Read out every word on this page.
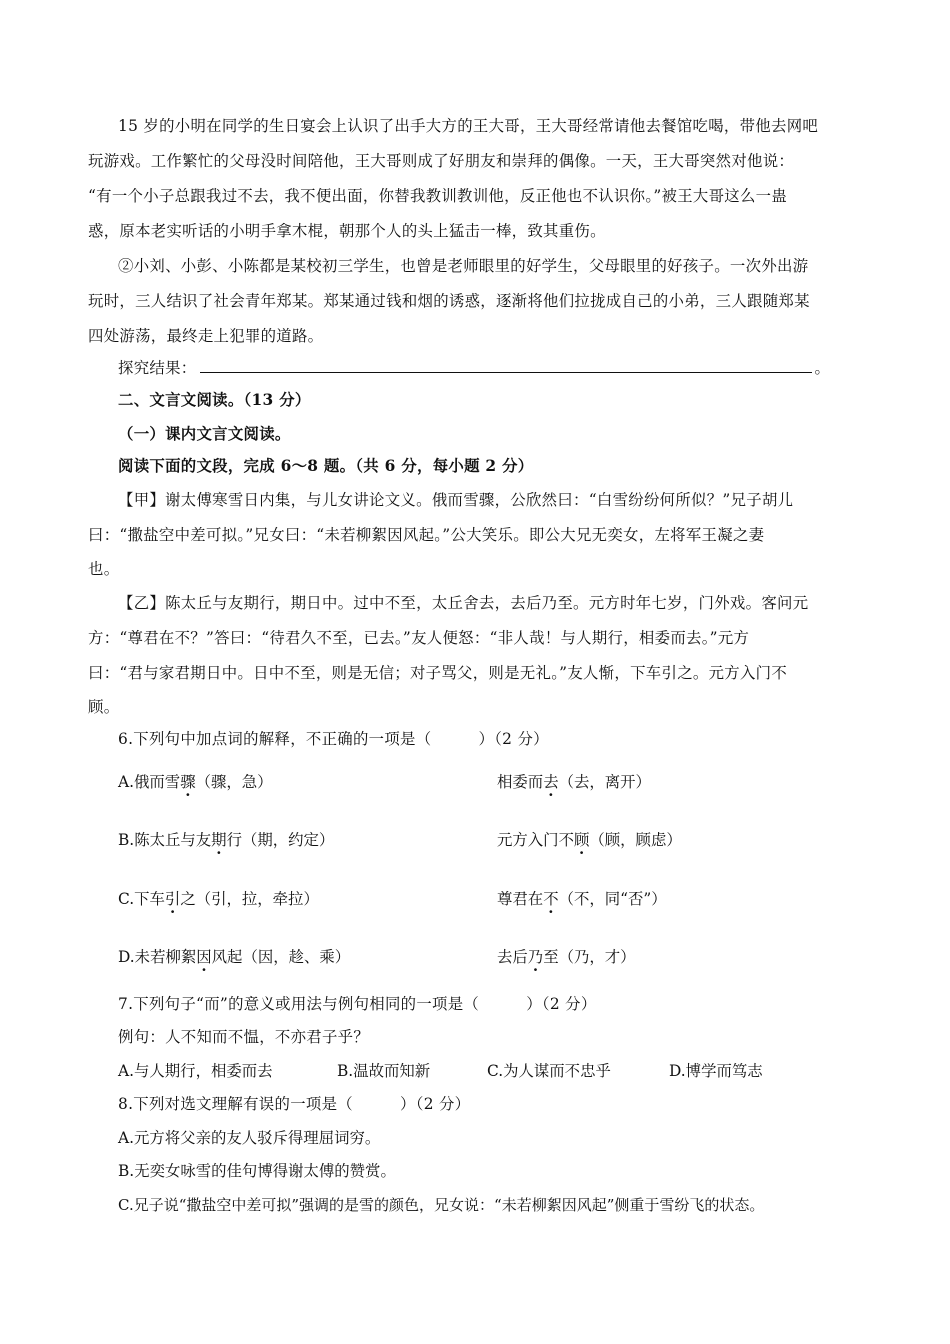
15 岁的小明在同学的生日宴会上认识了出手大方的王大哥，王大哥经常请他去餐馆吃喝，带他去网吧
玩游戏。工作繁忙的父母没时间陪他，王大哥则成了好朋友和崇拜的偶像。一天，王大哥突然对他说：
“有一个小子总跟我过不去，我不便出面，你替我教训教训他，反正他也不认识你。”被王大哥这么一蛊
惑，原本老实听话的小明手拿木棍，朝那个人的头上猛击一棒，致其重伤。
②小刘、小彭、小陈都是某校初三学生，也曾是老师眼里的好学生，父母眼里的好孩子。一次外出游
玩时，三人结识了社会青年郑某。郑某通过钱和烟的诱惑，逐渐将他们拉拢成自己的小弟，三人跟随郑某
四处游荡，最终走上犯罪的道路。
探究结果：	。
二、文言文阅读。（13 分）
（一）课内文言文阅读。
阅读下面的文段，完成 6～8 题。（共 6 分，每小题 2 分）
【甲】谢太傅寒雪日内集，与儿女讲论文义。俄而雪骤，公欣然曰：“白雪纷纷何所似？”兄子胡儿
曰：“撒盐空中差可拟。”兄女曰：“未若柳絮因风起。”公大笑乐。即公大兄无奕女，左将军王凝之妻
也。
【乙】陈太丘与友期行，期日中。过中不至，太丘舍去，去后乃至。元方时年七岁，门外戏。客问元
方：“尊君在不？”答曰：“待君久不至，已去。”友人便怒：“非人哉！与人期行，相委而去。”元方
曰：“君与家君期日中。日中不至，则是无信；对子骂父，则是无礼。”友人惭，下车引之。元方入门不
顾。
6.下列句中加点词的解释，不正确的一项是（　　　）（2 分）
A.俄而雪骤（骤，急）	相委而去（去，离开）
B.陈太丘与友期行（期，约定）	元方入门不顾（顾，顾虑）
C.下车引之（引，拉，牵拉）	尊君在不（不，同“否”）
D.未若柳絮因风起（因，趁、乘）	去后乃至（乃，才）
7.下列句子“而”的意义或用法与例句相同的一项是（　　　）（2 分）
例句：人不知而不愠，不亦君子乎？
A.与人期行，相委而去	B.温故而知新	C.为人谋而不忠乎	D.博学而笃志
8.下列对选文理解有误的一项是（　　　）（2 分）
A.元方将父亲的友人驳斥得理屈词穷。
B.无奕女咏雪的佳句博得谢太傅的赞赏。
C.兄子说“撒盐空中差可拟”强调的是雪的颜色，兄女说：“未若柳絮因风起”侧重于雪纷飞的状态。
